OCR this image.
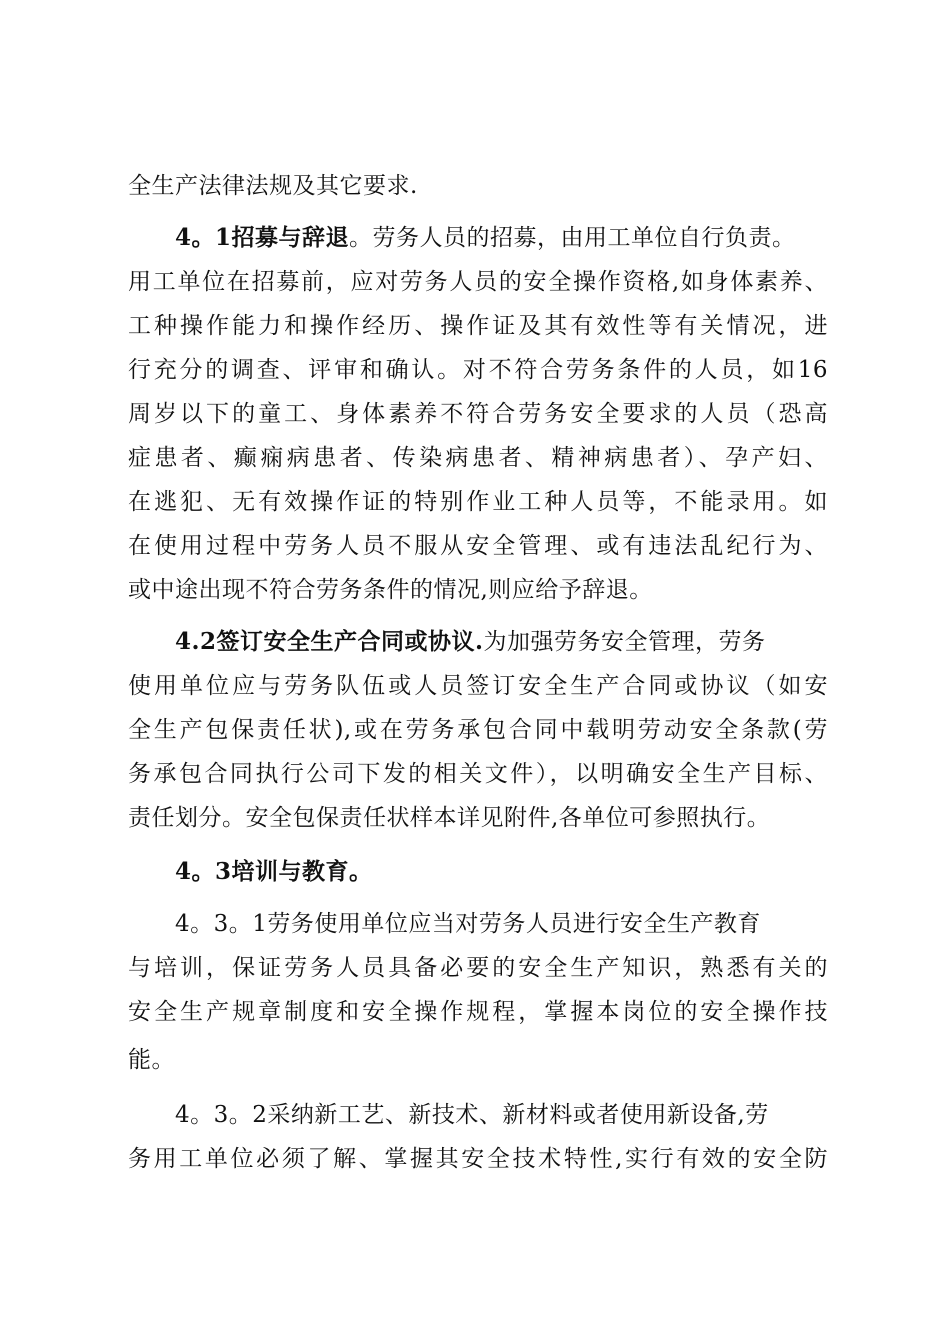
全生产法律法规及其它要求.
4。1招募与辞退。劳务人员的招募，由用工单位自行负责。
用工单位在招募前，应对劳务人员的安全操作资格,如身体素养、
工种操作能力和操作经历、操作证及其有效性等有关情况，进
行充分的调查、评审和确认。对不符合劳务条件的人员，如16
周岁以下的童工、身体素养不符合劳务安全要求的人员（恐高
症患者、癫痫病患者、传染病患者、精神病患者）、孕产妇、
在逃犯、无有效操作证的特别作业工种人员等，不能录用。如
在使用过程中劳务人员不服从安全管理、或有违法乱纪行为、
或中途出现不符合劳务条件的情况,则应给予辞退。
4.2签订安全生产合同或协议.为加强劳务安全管理，劳务
使用单位应与劳务队伍或人员签订安全生产合同或协议（如安
全生产包保责任状),或在劳务承包合同中载明劳动安全条款(劳
务承包合同执行公司下发的相关文件），以明确安全生产目标、
责任划分。安全包保责任状样本详见附件,各单位可参照执行。
4。3培训与教育。
4。3。1劳务使用单位应当对劳务人员进行安全生产教育
与培训，保证劳务人员具备必要的安全生产知识，熟悉有关的
安全生产规章制度和安全操作规程，掌握本岗位的安全操作技
能。
4。3。2采纳新工艺、新技术、新材料或者使用新设备,劳
务用工单位必须了解、掌握其安全技术特性,实行有效的安全防
